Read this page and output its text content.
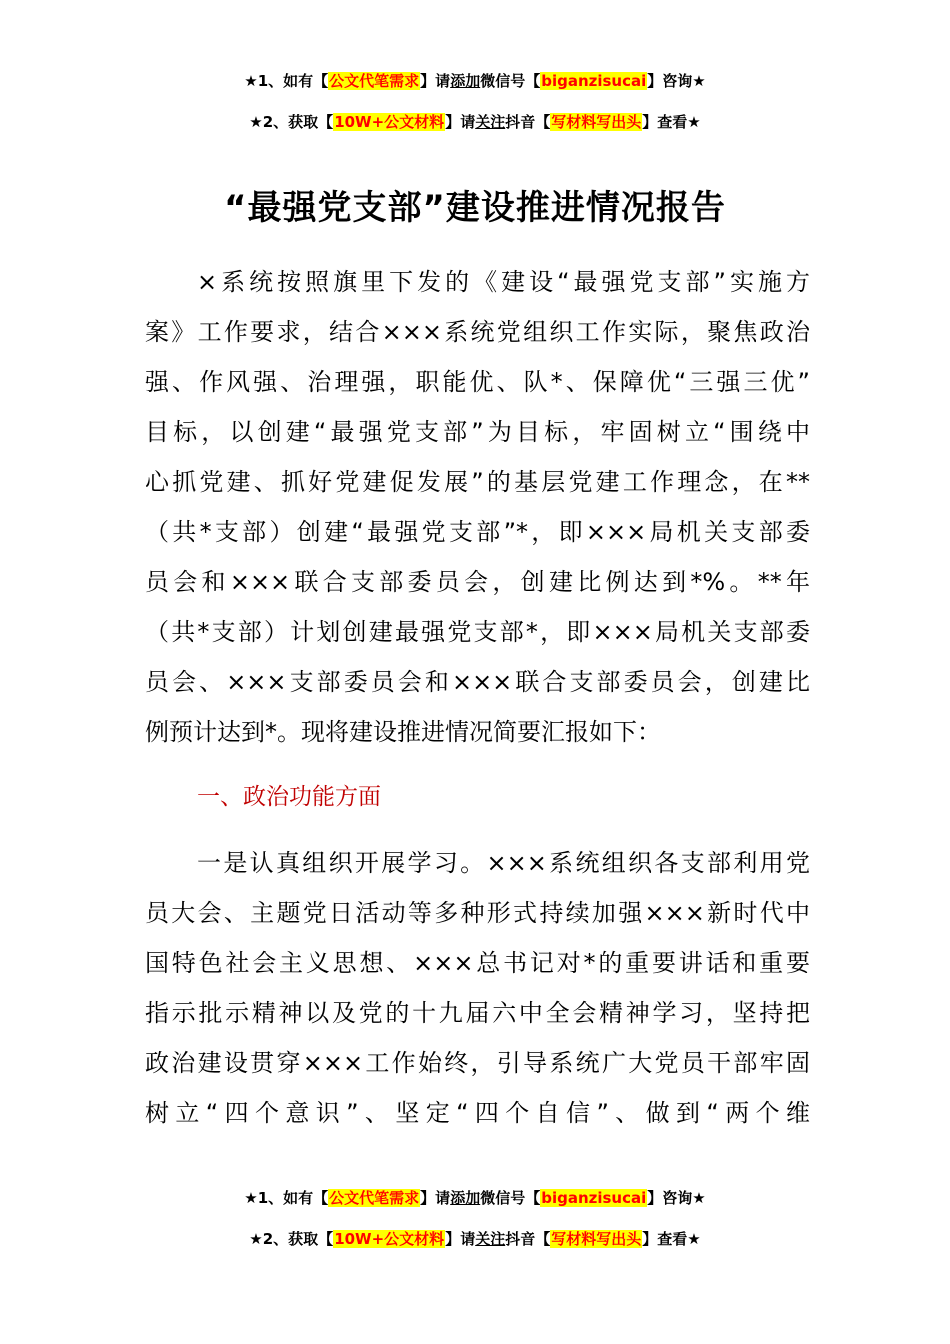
★1、如有【公文代笔需求】请添加微信号【biganzisucai】咨询★
★2、获取【10W+公文材料】请关注抖音【写材料写出头】查看★
“最强党支部”建设推进情况报告
×系统按照旗里下发的《建设“最强党支部”实施方
案》工作要求，结合×××系统党组织工作实际，聚焦政治
强、作风强、治理强，职能优、队*、保障优“三强三优”
目标，以创建“最强党支部”为目标，牢固树立“围绕中
心抓党建、抓好党建促发展”的基层党建工作理念，在**
（共*支部）创建“最强党支部”*，即×××局机关支部委
员会和×××联合支部委员会，创建比例达到*%。**年
（共*支部）计划创建最强党支部*，即×××局机关支部委
员会、×××支部委员会和×××联合支部委员会，创建比
例预计达到*。现将建设推进情况简要汇报如下：
一、政治功能方面
一是认真组织开展学习。×××系统组织各支部利用党
员大会、主题党日活动等多种形式持续加强×××新时代中
国特色社会主义思想、×××总书记对*的重要讲话和重要
指示批示精神以及党的十九届六中全会精神学习，坚持把
政治建设贯穿×××工作始终，引导系统广大党员干部牢固
树立“四个意识”、坚定“四个自信”、做到“两个维
★1、如有【公文代笔需求】请添加微信号【biganzisucai】咨询★
★2、获取【10W+公文材料】请关注抖音【写材料写出头】查看★
